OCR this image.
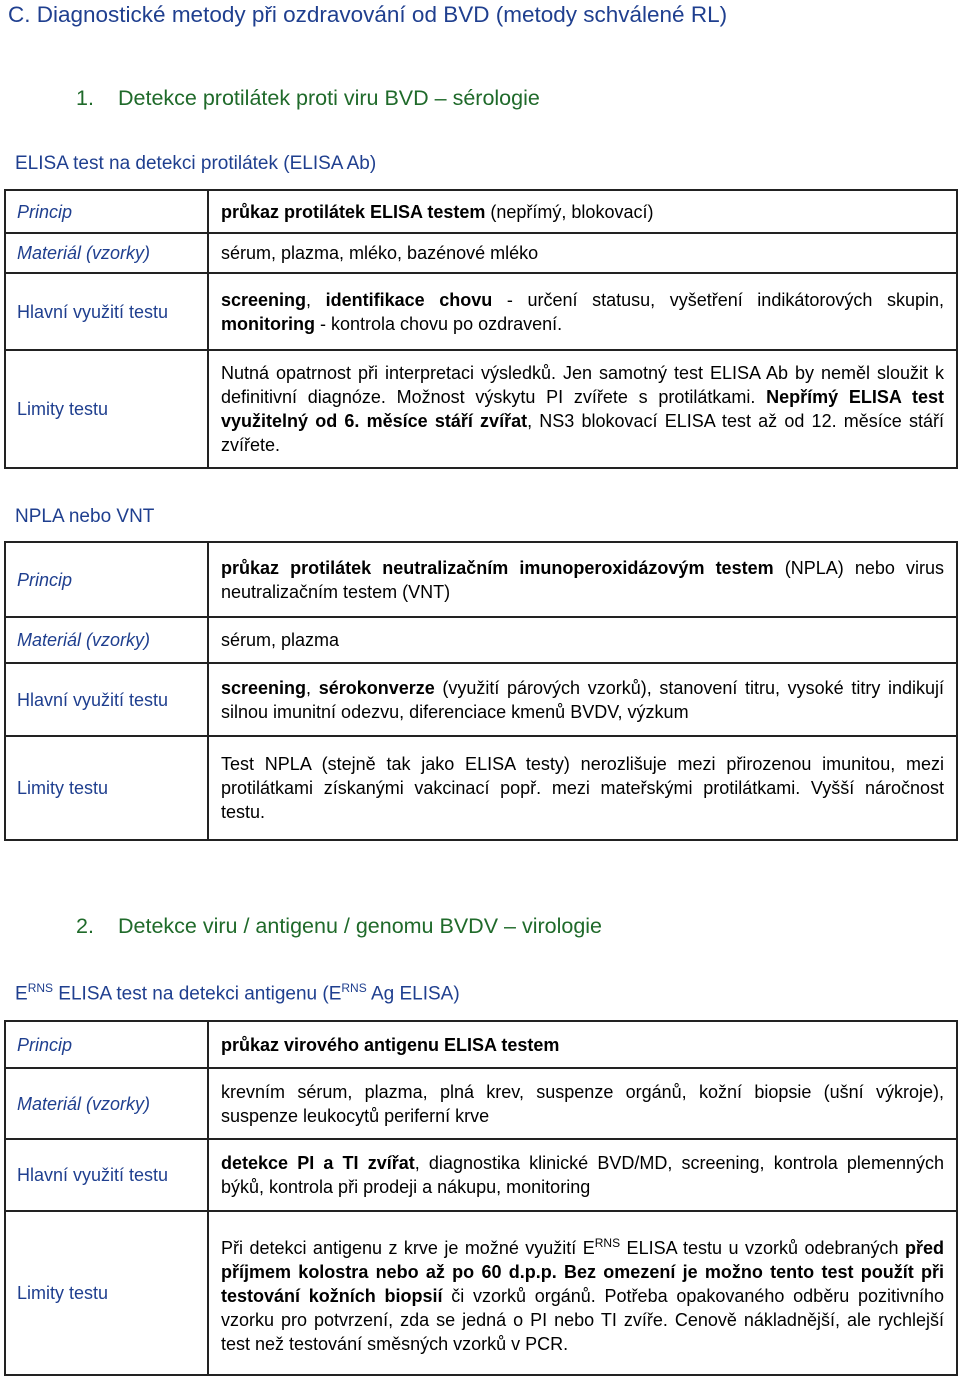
C. Diagnostické metody při ozdravování od BVD (metody schválené RL)
1. Detekce protilátek proti viru BVD – sérologie
ELISA test na detekci protilátek (ELISA Ab)
Princip	průkaz protilátek ELISA testem (nepřímý, blokovací)
Materiál (vzorky)	sérum, plazma, mléko, bazénové mléko
Hlavní využití testu	screening, identifikace chovu - určení statusu, vyšetření indikátorových skupin, monitoring - kontrola chovu po ozdravení.
Limity testu	Nutná opatrnost při interpretaci výsledků. Jen samotný test ELISA Ab by neměl sloužit k definitivní diagnóze. Možnost výskytu PI zvířete s protilátkami. Nepřímý ELISA test využitelný od 6. měsíce stáří zvířat, NS3 blokovací ELISA test až od 12. měsíce stáří zvířete.
NPLA nebo VNT
Princip	průkaz protilátek neutralizačním imunoperoxidázovým testem (NPLA) nebo virus neutralizačním testem (VNT)
Materiál (vzorky)	sérum, plazma
Hlavní využití testu	screening, sérokonverze (využití párových vzorků), stanovení titru, vysoké titry indikují silnou imunitní odezvu, diferenciace kmenů BVDV, výzkum
Limity testu	Test NPLA (stejně tak jako ELISA testy) nerozlišuje mezi přirozenou imunitou, mezi protilátkami získanými vakcinací popř. mezi mateřskými protilátkami. Vyšší náročnost testu.
2. Detekce viru / antigenu / genomu BVDV – virologie
$E^{RNS}$ ELISA test na detekci antigenu ($E^{RNS}$ Ag ELISA)
Princip	průkaz virového antigenu ELISA testem
Materiál (vzorky)	krevním sérum, plazma, plná krev, suspenze orgánů, kožní biopsie (ušní výkroje), suspenze leukocytů periferní krve
Hlavní využití testu	detekce PI a TI zvířat, diagnostika klinické BVD/MD, screening, kontrola plemenných býků, kontrola při prodeji a nákupu, monitoring
Limity testu	Při detekci antigenu z krve je možné využití $E^{RNS}$ ELISA testu u vzorků odebraných před příjmem kolostra nebo až po 60 d.p.p. Bez omezení je možno tento test použít při testování kožních biopsií či vzorků orgánů. Potřeba opakovaného odběru pozitivního vzorku pro potvrzení, zda se jedná o PI nebo TI zvíře. Cenově nákladnější, ale rychlejší test než testování směsných vzorků v PCR.
